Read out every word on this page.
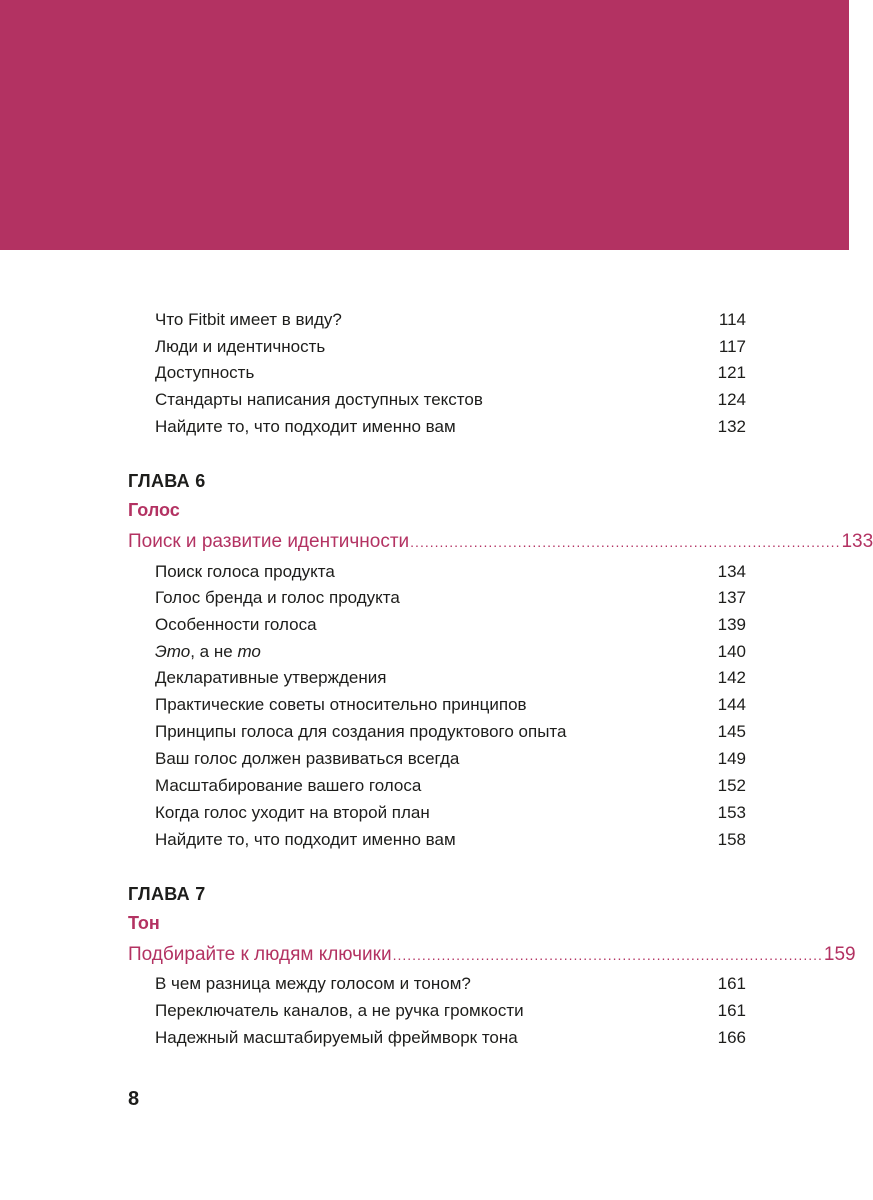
Что Fitbit имеет в виду?	114
Люди и идентичность	117
Доступность	121
Стандарты написания доступных текстов	124
Найдите то, что подходит именно вам	132
ГЛАВА 6
Голос
Поиск и развитие идентичности ........................................................................................ 133
Поиск голоса продукта	134
Голос бренда и голос продукта	137
Особенности голоса	139
Это, а не то	140
Декларативные утверждения	142
Практические советы относительно принципов	144
Принципы голоса для создания продуктового опыта	145
Ваш голос должен развиваться всегда	149
Масштабирование вашего голоса	152
Когда голос уходит на второй план	153
Найдите то, что подходит именно вам	158
ГЛАВА 7
Тон
Подбирайте к людям ключики ........................................................................................ 159
В чем разница между голосом и тоном?	161
Переключатель каналов, а не ручка громкости	161
Надежный масштабируемый фреймворк тона	166
8
